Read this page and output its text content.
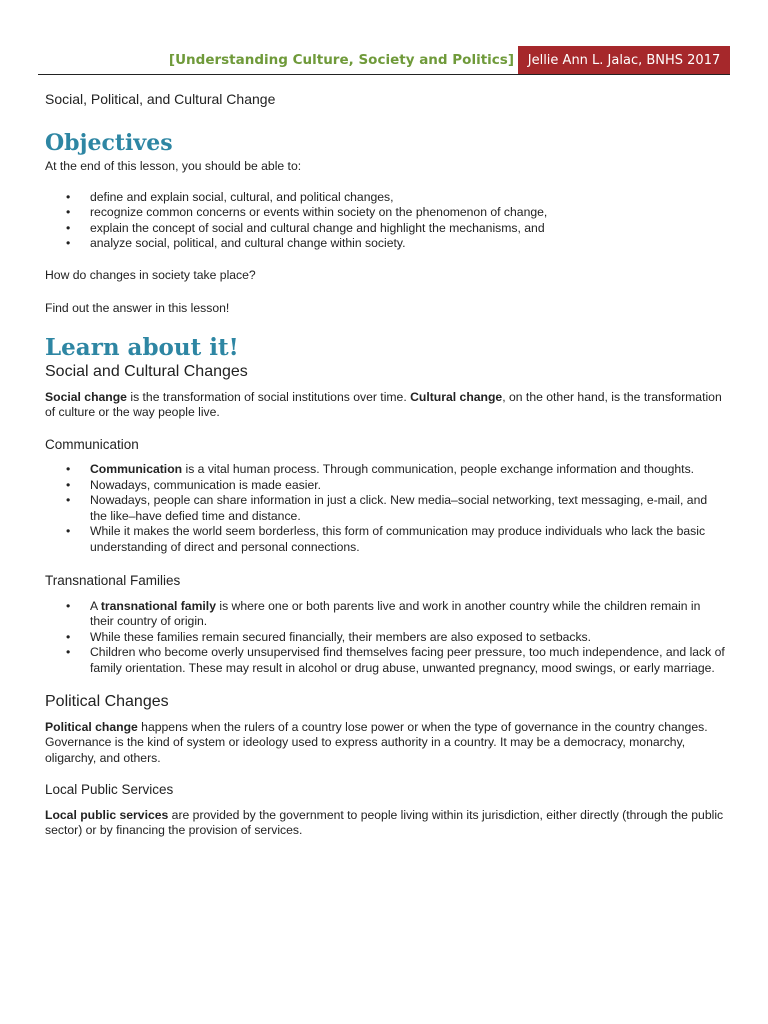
[Understanding Culture, Society and Politics]	Jellie Ann L. Jalac, BNHS 2017

Social, Political, and Cultural Change

Objectives

At the end of this lesson, you should be able to:

• define and explain social, cultural, and political changes,
• recognize common concerns or events within society on the phenomenon of change,
• explain the concept of social and cultural change and highlight the mechanisms, and
• analyze social, political, and cultural change within society.

How do changes in society take place?

Find out the answer in this lesson!

Learn about it!
Social and Cultural Changes

Social change is the transformation of social institutions over time. Cultural change, on the other hand, is the transformation of culture or the way people live.

Communication
• Communication is a vital human process. Through communication, people exchange information and thoughts.
• Nowadays, communication is made easier.
• Nowadays, people can share information in just a click. New media–social networking, text messaging, e-mail, and the like–have defied time and distance.
• While it makes the world seem borderless, this form of communication may produce individuals who lack the basic understanding of direct and personal connections.
Transnational Families
• A transnational family is where one or both parents live and work in another country while the children remain in their country of origin.
• While these families remain secured financially, their members are also exposed to setbacks.
• Children who become overly unsupervised find themselves facing peer pressure, too much independence, and lack of family orientation. These may result in alcohol or drug abuse, unwanted pregnancy, mood swings, or early marriage.
Political Changes

Political change happens when the rulers of a country lose power or when the type of governance in the country changes. Governance is the kind of system or ideology used to express authority in a country. It may be a democracy, monarchy, oligarchy, and others.

Local Public Services

Local public services are provided by the government to people living within its jurisdiction, either directly (through the public sector) or by financing the provision of services.
